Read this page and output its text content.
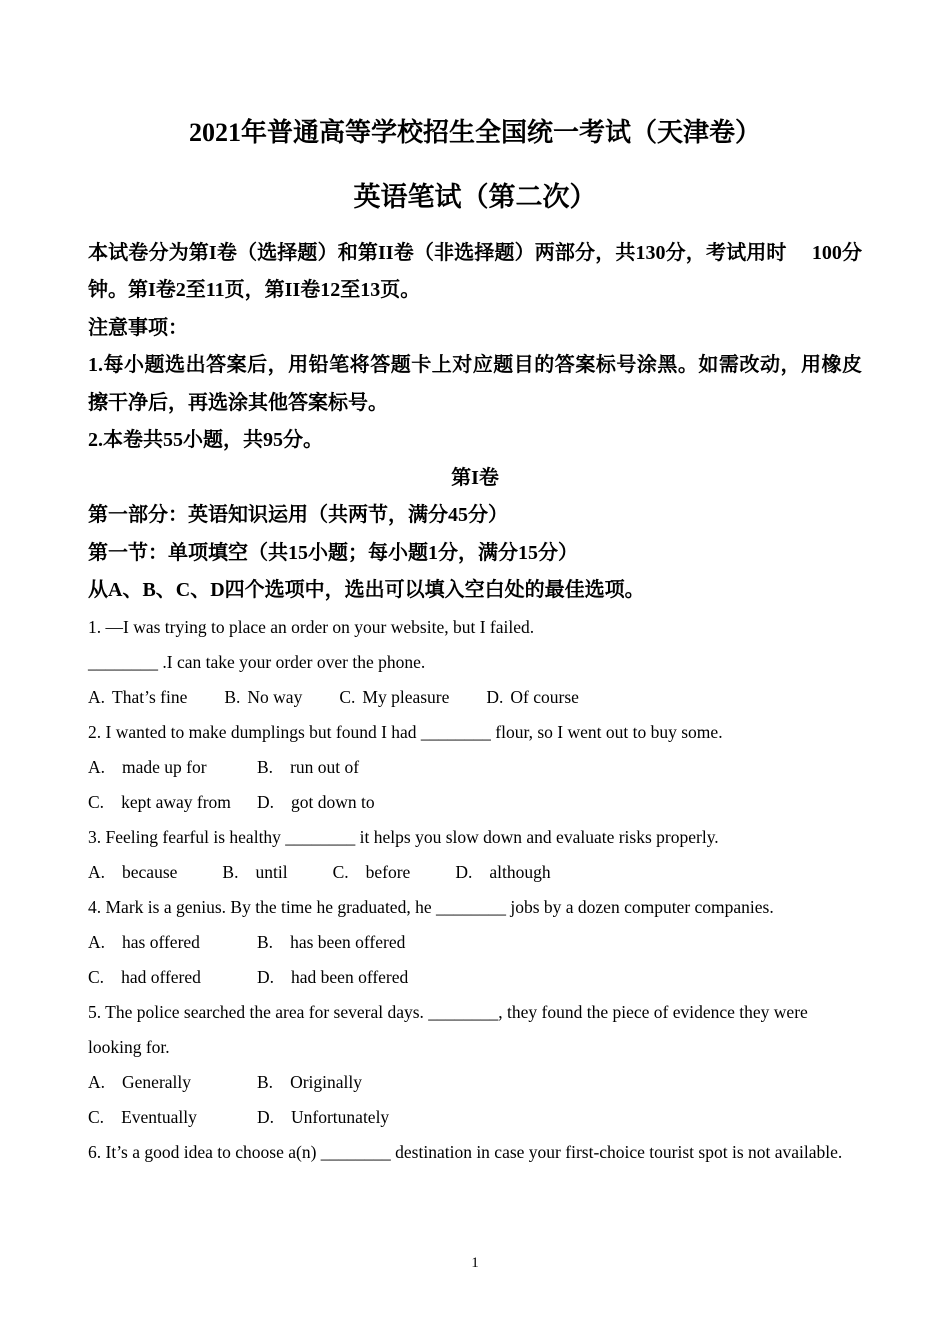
2021年普通高等学校招生全国统一考试（天津卷）
英语笔试（第二次）

本试卷分为第I卷（选择题）和第II卷（非选择题）两部分，共130分，考试用时　 100分钟。第I卷2至11页，第II卷12至13页。

注意事项：

1.每小题选出答案后，用铅笔将答题卡上对应题目的答案标号涂黑。如需改动，用橡皮擦干净后，再选涂其他答案标号。

2.本卷共55小题，共95分。

第I卷

第一部分：英语知识运用（共两节，满分45分）

第一节：单项填空（共15小题；每小题1分，满分15分）

从A、B、C、D四个选项中，选出可以填入空白处的最佳选项。

1. —I was trying to place an order on your website, but I failed.

________ .I can take your order over the phone.

A. That’s fine B. No way C. My pleasure D. Of course

2. I wanted to make dumplings but found I had ________ flour, so I went out to buy some.

A. made up for	B. run out of

C. kept away from D. got down to

3. Feeling fearful is healthy ________ it helps you slow down and evaluate risks properly.

A. because	B. until	C. before	D. although

4. Mark is a genius. By the time he graduated, he ________ jobs by a dozen computer companies.

A. has offered	B. has been offered

C. had offered	D. had been offered

5. The police searched the area for several days. ________, they found the piece of evidence they were looking for.

A. Generally	B. Originally

C. Eventually	D. Unfortunately

6. It’s a good idea to choose a(n) ________ destination in case your first-choice tourist spot is not available.

1
